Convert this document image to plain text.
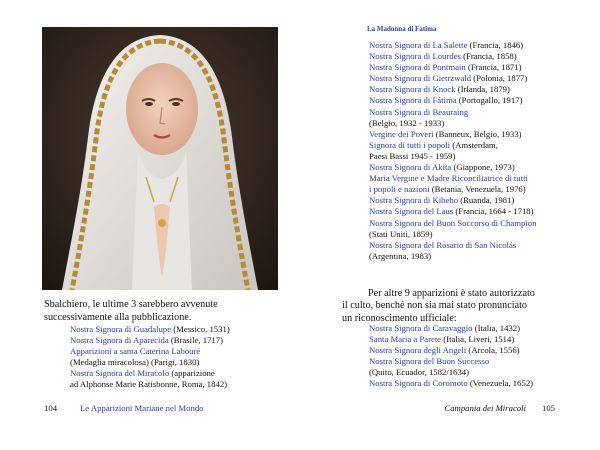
Sbalchiero, le ultime 3 sarebbero avvenute successivamente alla pubblicazione.
Nostra Signora di Guadalupe (Messico, 1531)
Nostra Signora di Aparecida (Brasile, 1717)
Apparizioni a santa Caterina Labouré
(Medaglia miracolosa) (Parigi, 1830)
Nostra Signora del Miracolo (apparizione
ad Alphonse Marie Ratisbonne, Roma, 1842)
104	Le Apparizioni Mariane nel Mondo
La Madonna di Fatima
Nostra Signora di La Salette (Francia, 1846)
Nostra Signora di Lourdes (Francia, 1858)
Nostra Signora di Pontmain (Francia, 1871)
Nostra Signora di Gietrzwałd (Polonia, 1877)
Nostra Signora di Knock (Irlanda, 1879)
Nostra Signora di Fátima (Portogallo, 1917)
Nostra Signora di Beauraing
(Belgio, 1932 - 1933)
Vergine dei Poveri (Banneux, Belgio, 1933)
Signora di tutti i popoli (Amsterdam,
Paesi Bassi 1945 - 1959)
Nostra Signora di Akita (Giappone, 1973)
Maria Vergine e Madre Riconciliatrice di tutti
i popoli e nazioni (Betania, Venezuela, 1976)
Nostra Signora di Kibeho (Ruanda, 1981)
Nostra Signora del Laus (Francia, 1664 - 1718)
Nostra Signora del Buon Soccorso di Champion
(Stati Uniti, 1859)
Nostra Signora del Rosario di San Nicolás
(Argentina, 1983)
Per altre 9 apparizioni è stato autorizzato
il culto, benché non sia mai stato pronunciato
un riconoscimento ufficiale:
Nostra Signora di Caravaggio (Italia, 1432)
Santa Maria a Parete (Italia, Liveri, 1514)
Nostra Signora degli Angeli (Arcola, 1556)
Nostra Signora del Buon Successo
(Quito, Ecuador, 1582/1634)
Nostra Signora di Coromoto (Venezuela, 1652)
Campania dei Miracoli 105
